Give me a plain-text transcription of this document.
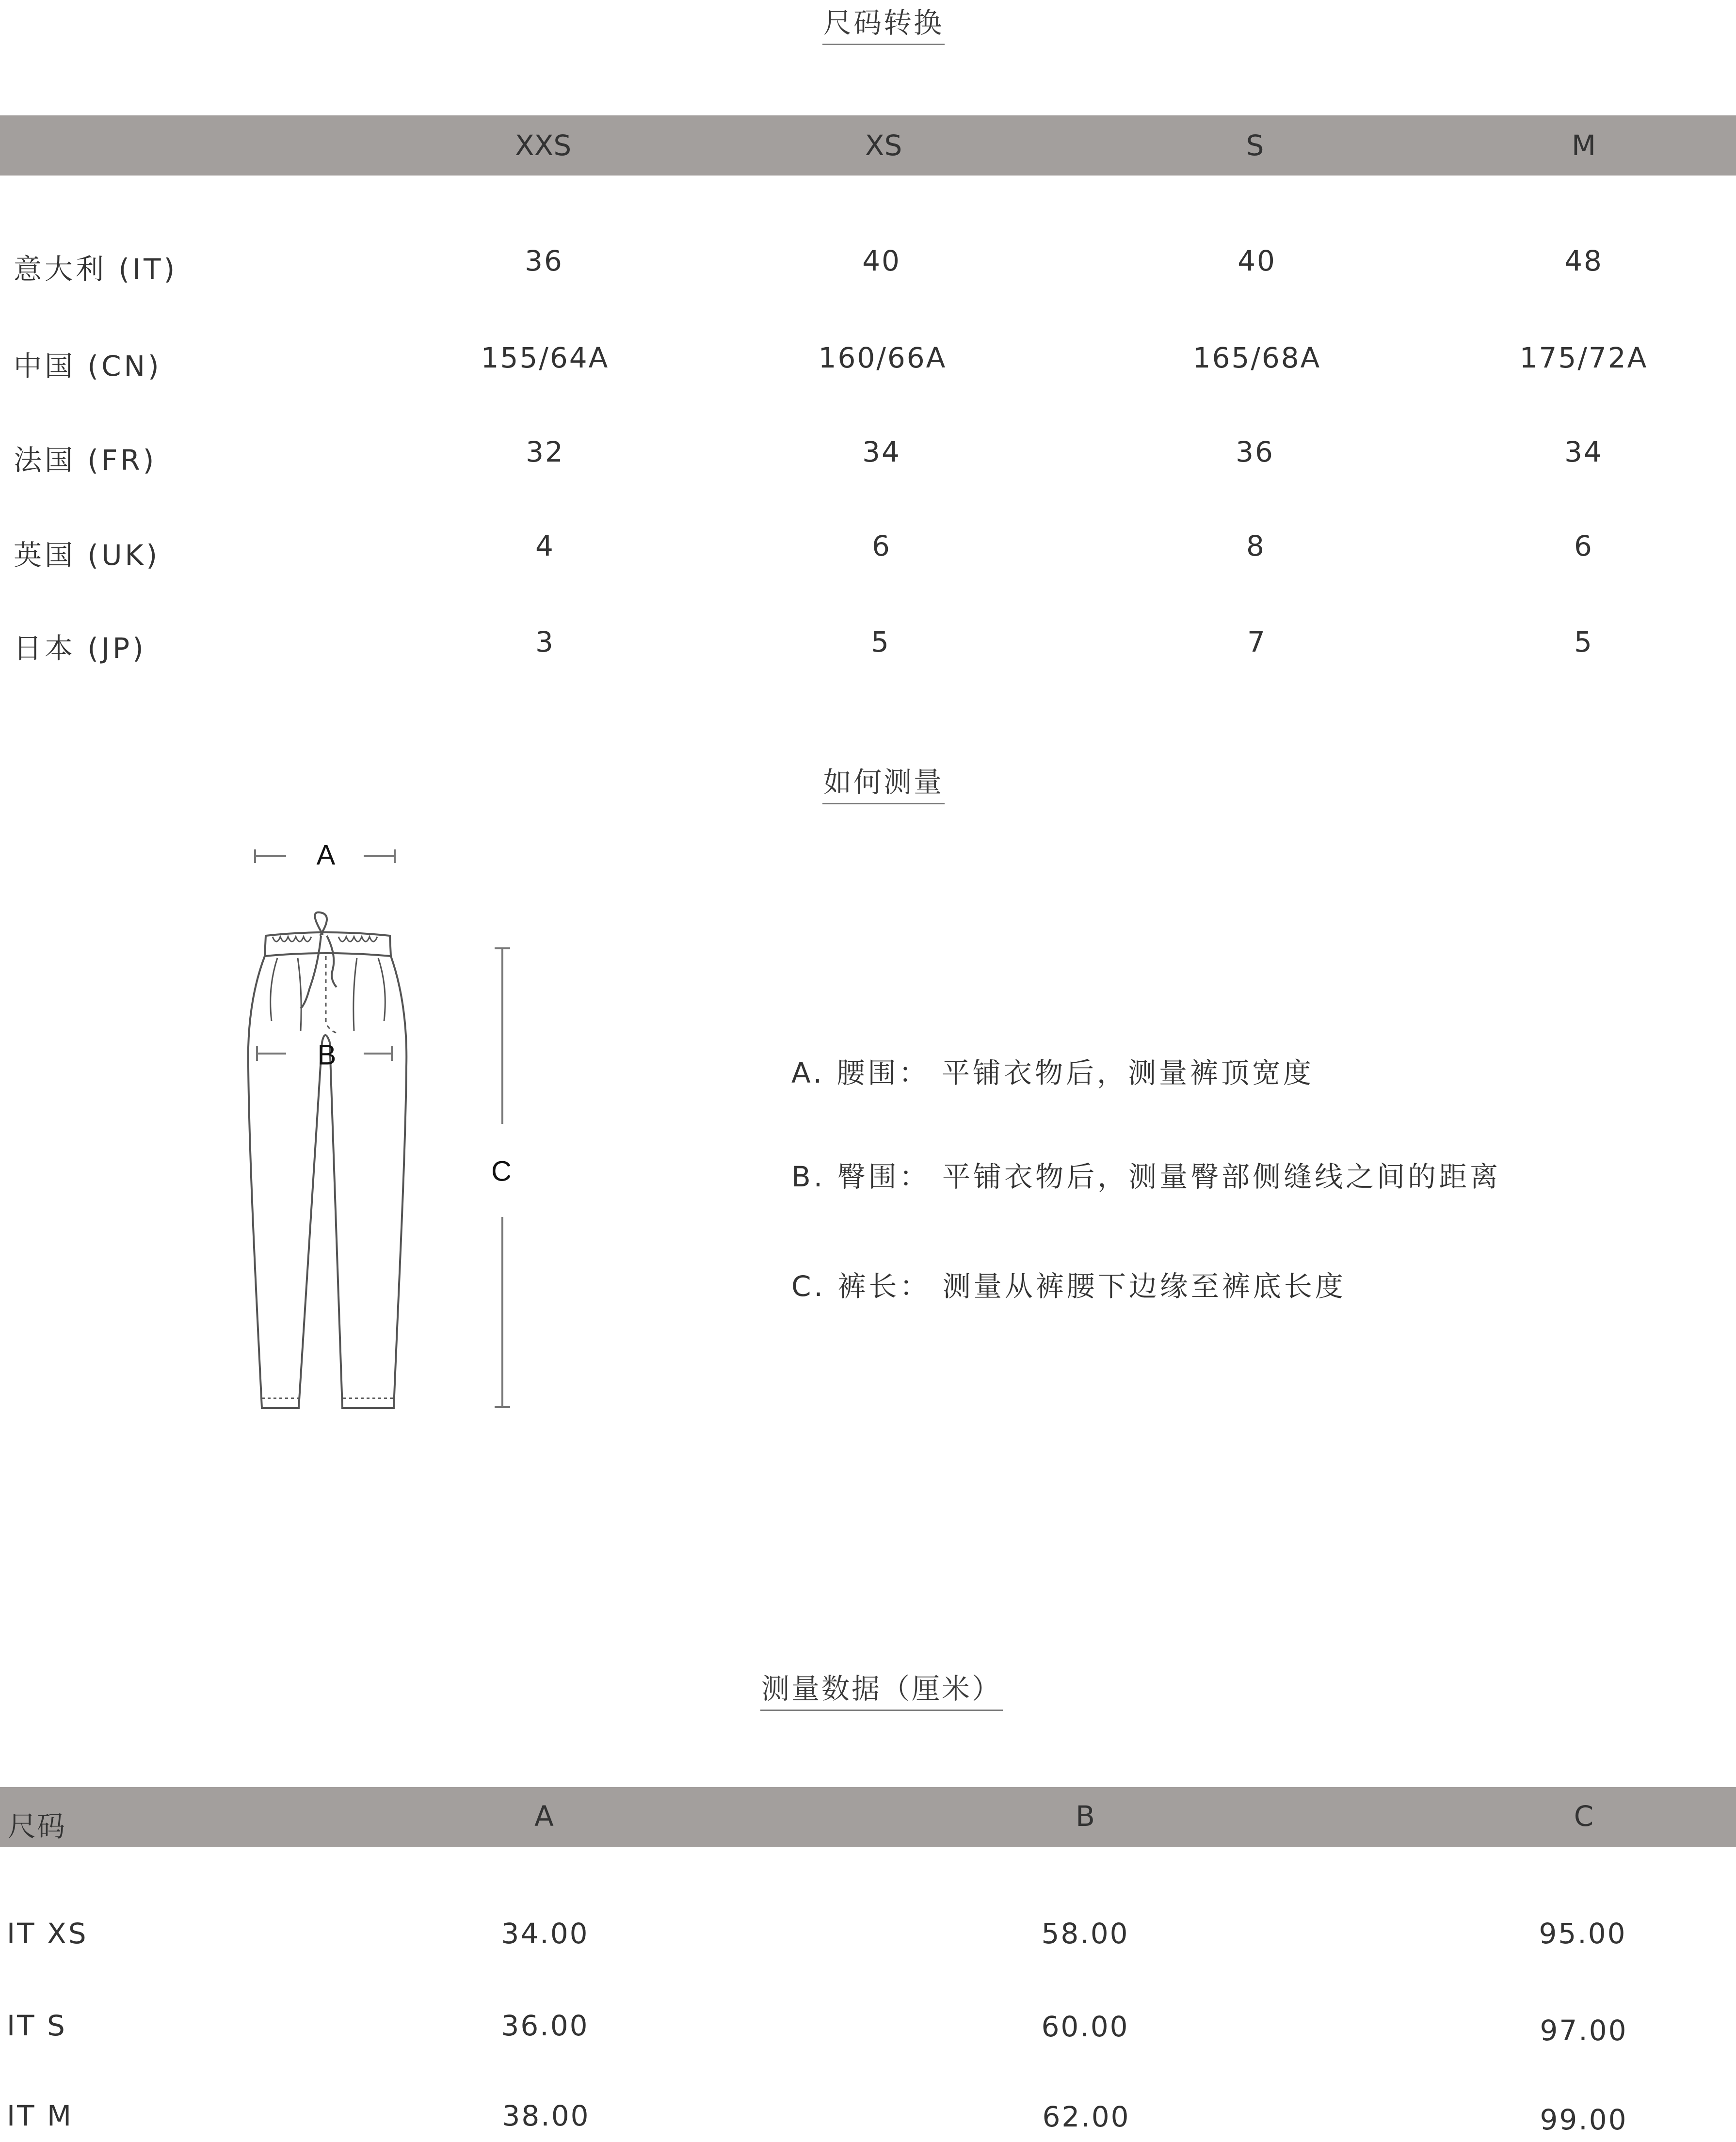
尺码转换
XXS	XS	S	M
意大利 (IT)	36	40	40	48
中国 (CN)	155/64A	160/66A	165/68A	175/72A
法国 (FR)	32	34	36	34
英国 (UK)	4	6	8	6
日本 (JP)	3	5	7	5
如何测量
A
B
C
A. 腰围： 平铺衣物后，测量裤顶宽度
B. 臀围： 平铺衣物后，测量臀部侧缝线之间的距离
C. 裤长： 测量从裤腰下边缘至裤底长度
测量数据（厘米）
尺码	A	B	C
IT XS	34.00	58.00	95.00
IT S	36.00	60.00	97.00
IT M	38.00	62.00	99.00
